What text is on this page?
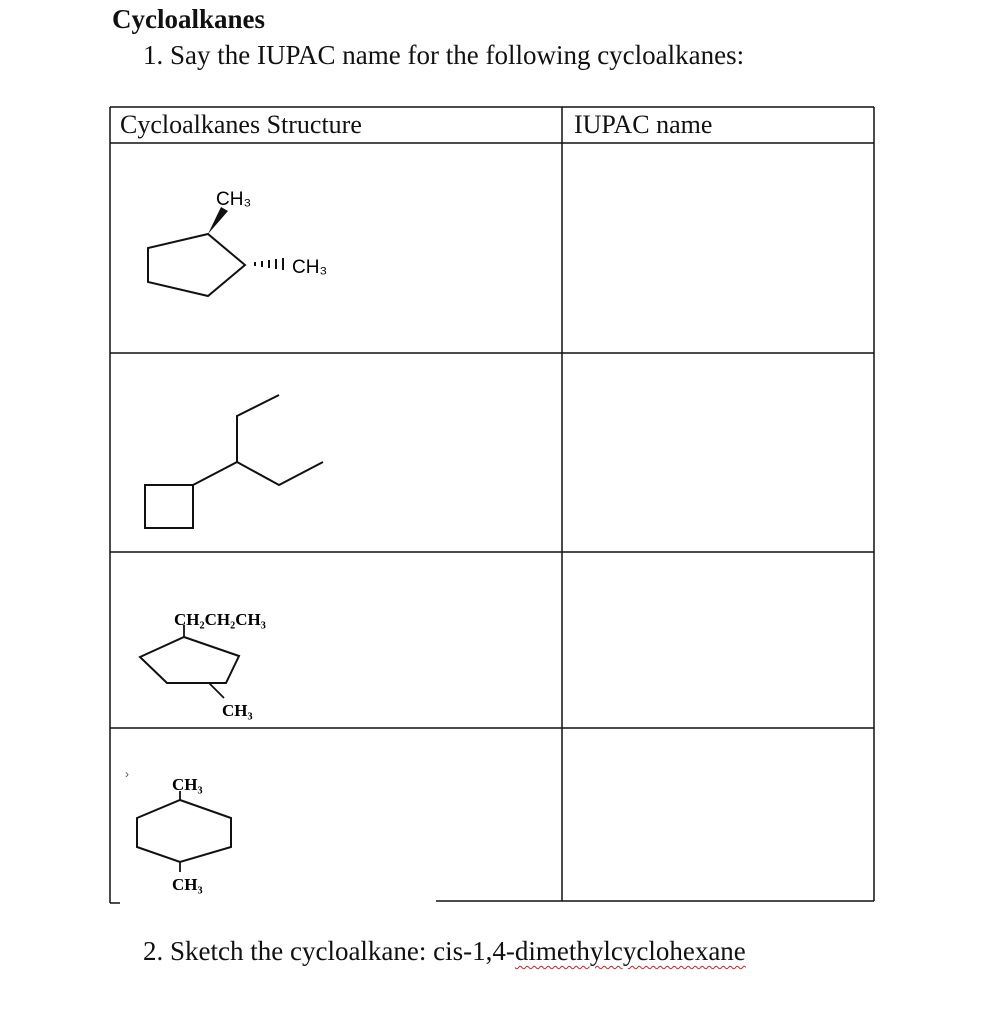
Cycloalkanes
1. Say the IUPAC name for the following cycloalkanes:
CH₃
CH₃
CH₂CH₂CH₃
CH₃
›
CH₃
CH₃
Cycloalkanes Structure	IUPAC name
2. Sketch the cycloalkane: cis-1,4-dimethylcyclohexane
